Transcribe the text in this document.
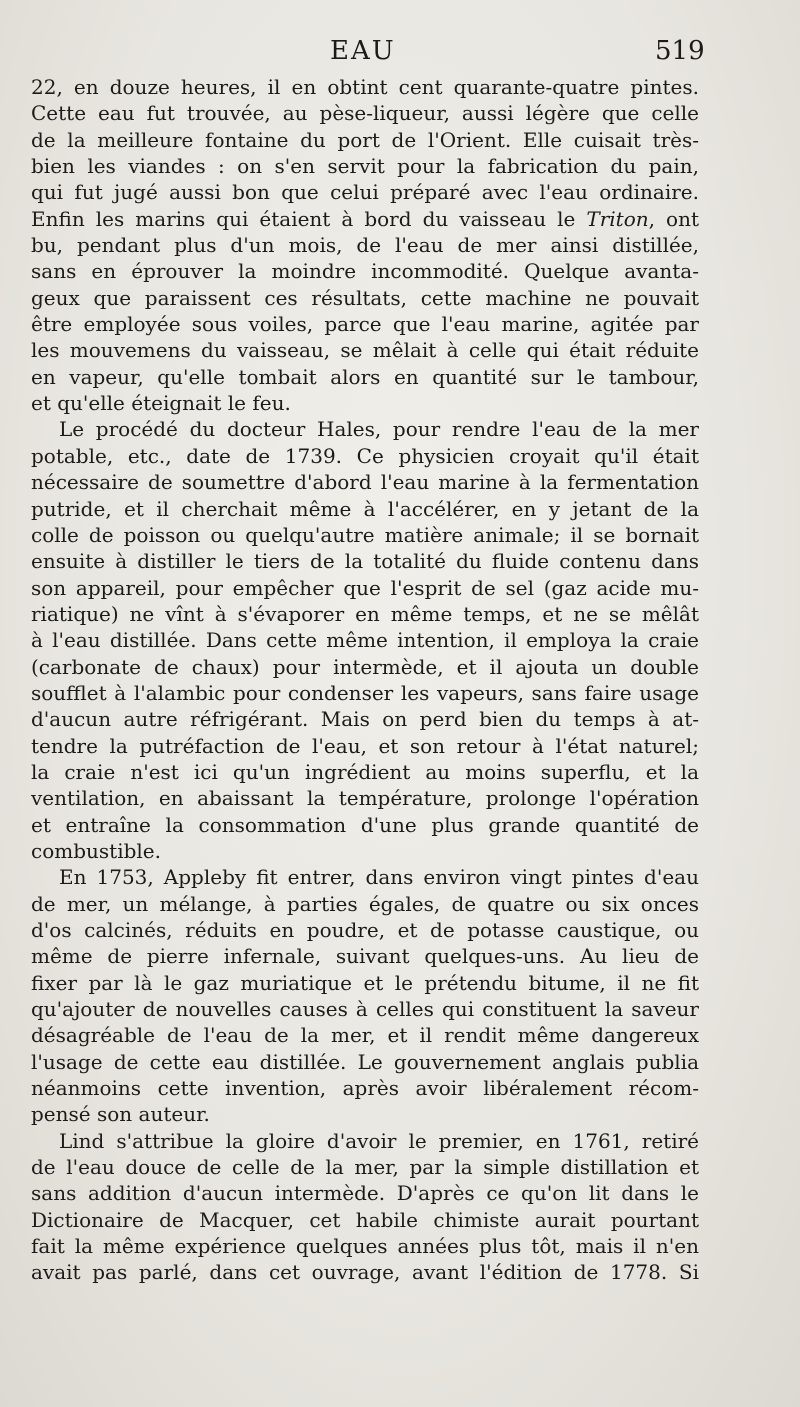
EAU	519
22, en douze heures, il en obtint cent quarante-quatre pintes.
Cette eau fut trouvée, au pèse-liqueur, aussi légère que celle
de la meilleure fontaine du port de l'Orient. Elle cuisait très-
bien les viandes : on s'en servit pour la fabrication du pain,
qui fut jugé aussi bon que celui préparé avec l'eau ordinaire.
Enfin les marins qui étaient à bord du vaisseau le Triton, ont
bu, pendant plus d'un mois, de l'eau de mer ainsi distillée,
sans en éprouver la moindre incommodité. Quelque avanta-
geux que paraissent ces résultats, cette machine ne pouvait
être employée sous voiles, parce que l'eau marine, agitée par
les mouvemens du vaisseau, se mêlait à celle qui était réduite
en vapeur, qu'elle tombait alors en quantité sur le tambour,
et qu'elle éteignait le feu.
Le procédé du docteur Hales, pour rendre l'eau de la mer
potable, etc., date de 1739. Ce physicien croyait qu'il était
nécessaire de soumettre d'abord l'eau marine à la fermentation
putride, et il cherchait même à l'accélérer, en y jetant de la
colle de poisson ou quelqu'autre matière animale; il se bornait
ensuite à distiller le tiers de la totalité du fluide contenu dans
son appareil, pour empêcher que l'esprit de sel (gaz acide mu-
riatique) ne vînt à s'évaporer en même temps, et ne se mêlât
à l'eau distillée. Dans cette même intention, il employa la craie
(carbonate de chaux) pour intermède, et il ajouta un double
soufflet à l'alambic pour condenser les vapeurs, sans faire usage
d'aucun autre réfrigérant. Mais on perd bien du temps à at-
tendre la putréfaction de l'eau, et son retour à l'état naturel;
la craie n'est ici qu'un ingrédient au moins superflu, et la
ventilation, en abaissant la température, prolonge l'opération
et entraîne la consommation d'une plus grande quantité de
combustible.
En 1753, Appleby fit entrer, dans environ vingt pintes d'eau
de mer, un mélange, à parties égales, de quatre ou six onces
d'os calcinés, réduits en poudre, et de potasse caustique, ou
même de pierre infernale, suivant quelques-uns. Au lieu de
fixer par là le gaz muriatique et le prétendu bitume, il ne fit
qu'ajouter de nouvelles causes à celles qui constituent la saveur
désagréable de l'eau de la mer, et il rendit même dangereux
l'usage de cette eau distillée. Le gouvernement anglais publia
néanmoins cette invention, après avoir libéralement récom-
pensé son auteur.
Lind s'attribue la gloire d'avoir le premier, en 1761, retiré
de l'eau douce de celle de la mer, par la simple distillation et
sans addition d'aucun intermède. D'après ce qu'on lit dans le
Dictionaire de Macquer, cet habile chimiste aurait pourtant
fait la même expérience quelques années plus tôt, mais il n'en
avait pas parlé, dans cet ouvrage, avant l'édition de 1778. Si
